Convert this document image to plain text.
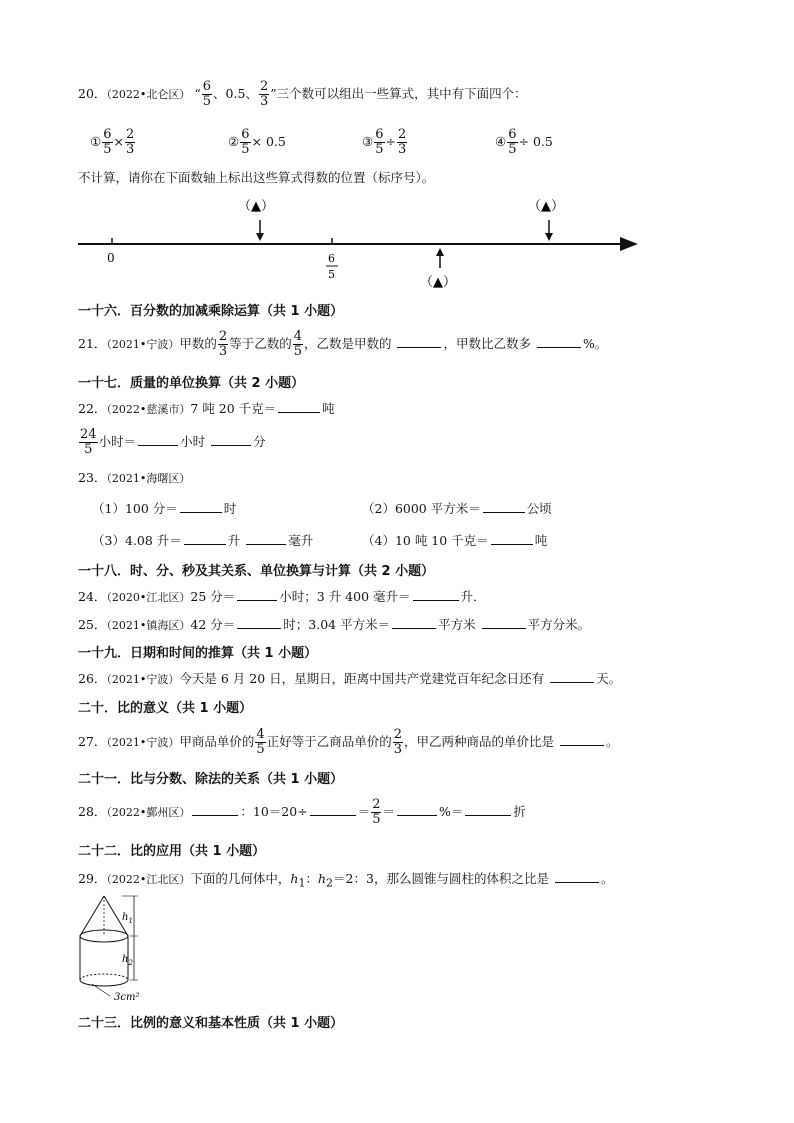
20．（2022•北仑区） “ $\frac{6}{5}$ 、0.5、 $\frac{2}{3}$ ”三个数可以组出一些算式，其中有下面四个：
① $\frac{6}{5} \times \frac{2}{3}$	② $\frac{6}{5} \times 0.5$	③ $\frac{6}{5} \div \frac{2}{3}$	④ $\frac{6}{5} \div 0.5$
不计算，请你在下面数轴上标出这些算式得数的位置（标序号）。
0	6
5
（▲）	（▲）
（▲）
一十六．百分数的加减乘除运算（共 1 小题）
21．（2021•宁波）甲数的 $\frac{2}{3}$ 等于乙数的 $\frac{4}{5}$ ，乙数是甲数的	，甲数比乙数多	%。
一十七．质量的单位换算（共 2 小题）
22．（2022•慈溪市）7 吨 20 千克＝	吨
$\frac{24}{5}$ 小时＝	小时	分
23．（2021•海曙区）
（1）100 分＝	时	（2）6000 平方米＝	公顷
（3）4.08 升＝	升	毫升	（4）10 吨 10 千克＝	吨
一十八．时、分、秒及其关系、单位换算与计算（共 2 小题）
24．（2020•江北区）25 分＝	小时；3 升 400 毫升＝	升．
25．（2021•镇海区）42 分＝	时；3.04 平方米＝	平方米	平方分米。
一十九．日期和时间的推算（共 1 小题）
26．（2021•宁波）今天是 6 月 20 日，星期日，距离中国共产党建党百年纪念日还有	天。
二十．比的意义（共 1 小题）
27．（2021•宁波）甲商品单价的 $\frac{4}{5}$ 正好等于乙商品单价的 $\frac{2}{3}$ ，甲乙两种商品的单价比是	。
二十一．比与分数、除法的关系（共 1 小题）
28．（2022•鄞州区）	：10＝20÷	＝ $\frac{2}{5}$ ＝	%＝	折
二十二．比的应用（共 1 小题）
29．（2022•江北区）下面的几何体中，$h_1$：$h_2=2$：3，那么圆锥与圆柱的体积之比是	。
$h_1$
$h_2$
3cm²
二十三．比例的意义和基本性质（共 1 小题）
